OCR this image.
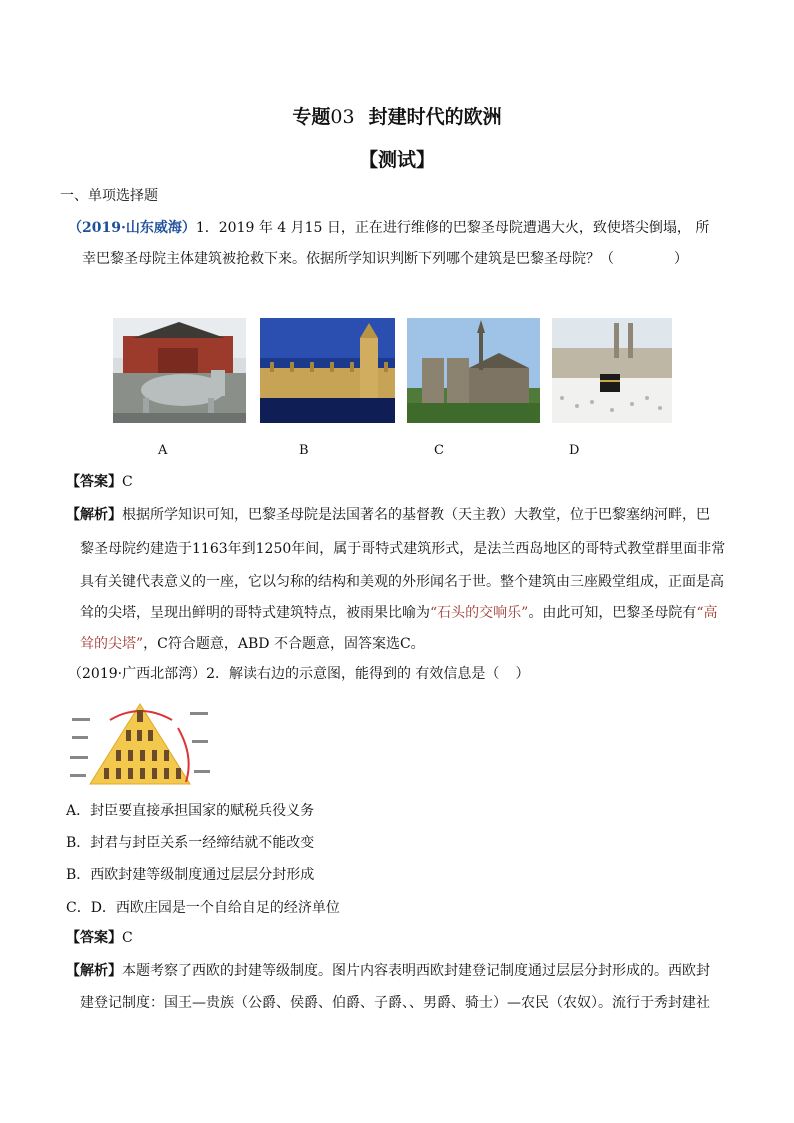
专题03 封建时代的欧洲
【测试】
一、单项选择题
（2019·山东威海）1．2019 年 4 月15 日，正在进行维修的巴黎圣母院遭遇大火，致使塔尖倒塌， 所
幸巴黎圣母院主体建筑被抢救下来。依据所学知识判断下列哪个建筑是巴黎圣母院？（	）
A	B	C	D
【答案】C
【解析】根据所学知识可知，巴黎圣母院是法国著名的基督教（天主教）大教堂，位于巴黎塞纳河畔，巴
黎圣母院约建造于1163年到1250年间，属于哥特式建筑形式，是法兰西岛地区的哥特式教堂群里面非常
具有关键代表意义的一座，它以匀称的结构和美观的外形闻名于世。整个建筑由三座殿堂组成，正面是高
耸的尖塔，呈现出鲜明的哥特式建筑特点，被雨果比喻为“石头的交响乐”。由此可知，巴黎圣母院有“高
耸的尖塔”，C符合题意，ABD 不合题意，固答案选C。
（2019·广西北部湾）2．解读右边的示意图，能得到的 有效信息是（ ）
A．封臣要直接承担国家的赋税兵役义务
B．封君与封臣关系一经缔结就不能改变
B．西欧封建等级制度通过层层分封形成
C．D．西欧庄园是一个自给自足的经济单位
【答案】C
【解析】本题考察了西欧的封建等级制度。图片内容表明西欧封建登记制度通过层层分封形成的。西欧封
建登记制度：国王—贵族（公爵、侯爵、伯爵、子爵、、男爵、骑士）—农民（农奴）。流行于秀封建社
